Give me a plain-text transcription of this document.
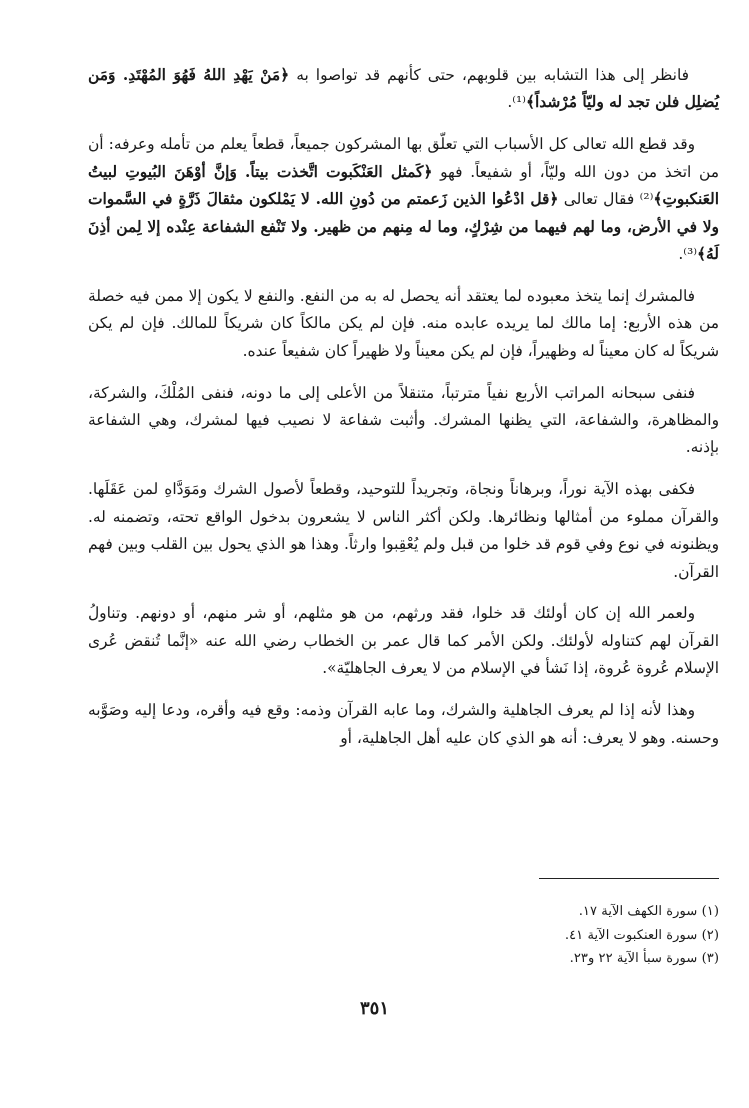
فانظر إلى هذا التشابه بين قلوبهم، حتى كأنهم قد تواصوا به ﴿مَنْ يَهْدِ اللهُ فَهُوَ المُهْتَدِ. وَمَن يُضلِل فلن تجد له وليّاً مُرْشداً﴾⁽¹⁾.

وقد قطع الله تعالى كل الأسباب التي تعلّق بها المشركون جميعاً، قطعاً يعلم من تأمله وعرفه: أن من اتخذ من دون الله وليّاً، أو شفيعاً. فهو ﴿كَمثل العَنْكَبوت اتَّخذت بيتاً. وَإنَّ أوْهَنَ البُيوتِ لبيتُ العَنكبوتِ﴾⁽²⁾ فقال تعالى ﴿قل ادْعُوا الذين زَعمتم من دُونِ الله. لا يَمْلكون مثقالَ ذَرَّةٍ في السَّموات ولا في الأرض، وما لهم فيهما من شِرْكٍ، وما له مِنهم من ظهير. ولا تَنْفع الشفاعة عِنْده إلا لِمن أذِنَ لَهُ﴾⁽³⁾.

فالمشرك إنما يتخذ معبوده لما يعتقد أنه يحصل له به من النفع. والنفع لا يكون إلا ممن فيه خصلة من هذه الأربع: إما مالك لما يريده عابده منه. فإن لم يكن مالكاً كان شريكاً للمالك. فإن لم يكن شريكاً له كان معيناً له وظهيراً، فإن لم يكن معيناً ولا ظهيراً كان شفيعاً عنده.

فنفى سبحانه المراتب الأربع نفياً مترتباً، متنقلاً من الأعلى إلى ما دونه، فنفى المُلْكَ، والشركة، والمظاهرة، والشفاعة، التي يظنها المشرك. وأثبت شفاعة لا نصيب فيها لمشرك، وهي الشفاعة بإذنه.

فكفى بهذه الآية نوراً، وبرهاناً ونجاة، وتجريداً للتوحيد، وقطعاً لأصول الشرك ومَوَدَّاهِ لمن عَقَلَها. والقرآن مملوء من أمثالها ونظائرها. ولكن أكثر الناس لا يشعرون بدخول الواقع تحته، وتضمنه له. ويظنونه في نوع وفي قوم قد خلوا من قبل ولم يُعْقِبوا وارثاً. وهذا هو الذي يحول بين القلب وبين فهم القرآن.

ولعمر الله إن كان أولئك قد خلوا، فقد ورثهم، من هو مثلهم، أو شر منهم، أو دونهم. وتناولُ القرآن لهم كتناوله لأولئك. ولكن الأمر كما قال عمر بن الخطاب رضي الله عنه «إنَّما تُنقض عُرى الإسلام عُروة عُروة، إذا نَشأ في الإسلام من لا يعرف الجاهليّة».

وهذا لأنه إذا لم يعرف الجاهلية والشرك، وما عابه القرآن وذمه: وقع فيه وأقره، ودعا إليه وصَوَّبه وحسنه. وهو لا يعرف: أنه هو الذي كان عليه أهل الجاهلية، أو

(١) سورة الكهف الآية ١٧.

(٢) سورة العنكبوت الآية ٤١.

(٣) سورة سبأ الآية ٢٢ و٢٣.

٣٥١
